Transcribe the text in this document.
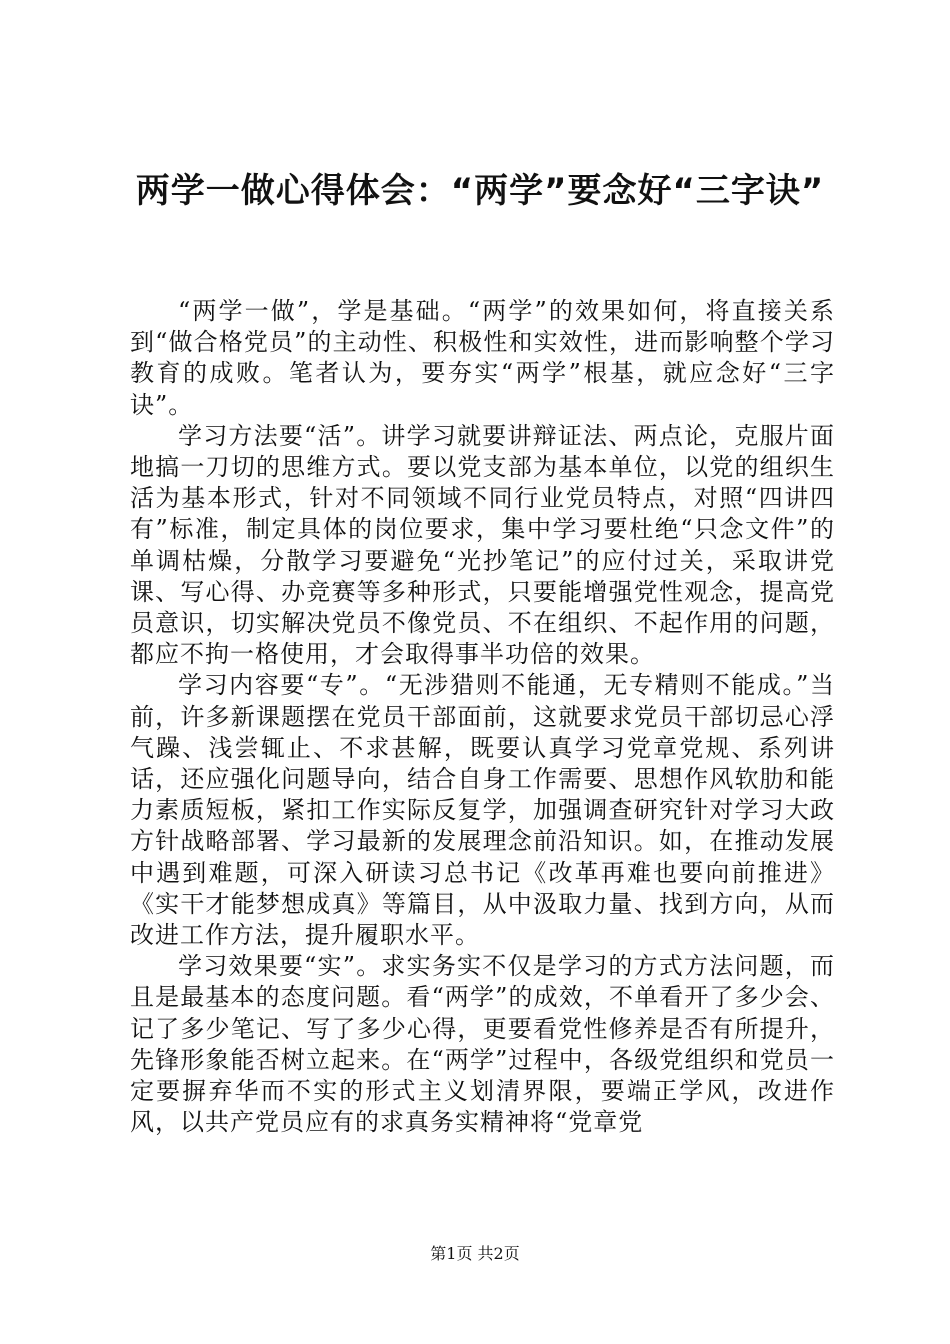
两学一做心得体会：“两学”要念好“三字诀”

“两学一做”，学是基础。“两学”的效果如何，将直接关系到“做合格党员”的主动性、积极性和实效性，进而影响整个学习教育的成败。笔者认为，要夯实“两学”根基，就应念好“三字诀”。

学习方法要“活”。讲学习就要讲辩证法、两点论，克服片面地搞一刀切的思维方式。要以党支部为基本单位，以党的组织生活为基本形式，针对不同领域不同行业党员特点，对照“四讲四有”标准，制定具体的岗位要求，集中学习要杜绝“只念文件”的单调枯燥，分散学习要避免“光抄笔记”的应付过关，采取讲党课、写心得、办竞赛等多种形式，只要能增强党性观念，提高党员意识，切实解决党员不像党员、不在组织、不起作用的问题，都应不拘一格使用，才会取得事半功倍的效果。

学习内容要“专”。“无涉猎则不能通，无专精则不能成。”当前，许多新课题摆在党员干部面前，这就要求党员干部切忌心浮气躁、浅尝辄止、不求甚解，既要认真学习党章党规、系列讲话，还应强化问题导向，结合自身工作需要、思想作风软肋和能力素质短板，紧扣工作实际反复学，加强调查研究针对学习大政方针战略部署、学习最新的发展理念前沿知识。如，在推动发展中遇到难题，可深入研读习总书记《改革再难也要向前推进》《实干才能梦想成真》等篇目，从中汲取力量、找到方向，从而改进工作方法，提升履职水平。

学习效果要“实”。求实务实不仅是学习的方式方法问题，而且是最基本的态度问题。看“两学”的成效，不单看开了多少会、记了多少笔记、写了多少心得，更要看党性修养是否有所提升，先锋形象能否树立起来。在“两学”过程中，各级党组织和党员一定要摒弃华而不实的形式主义划清界限，要端正学风，改进作风，以共产党员应有的求真务实精神将“党章党

第1页 共2页
